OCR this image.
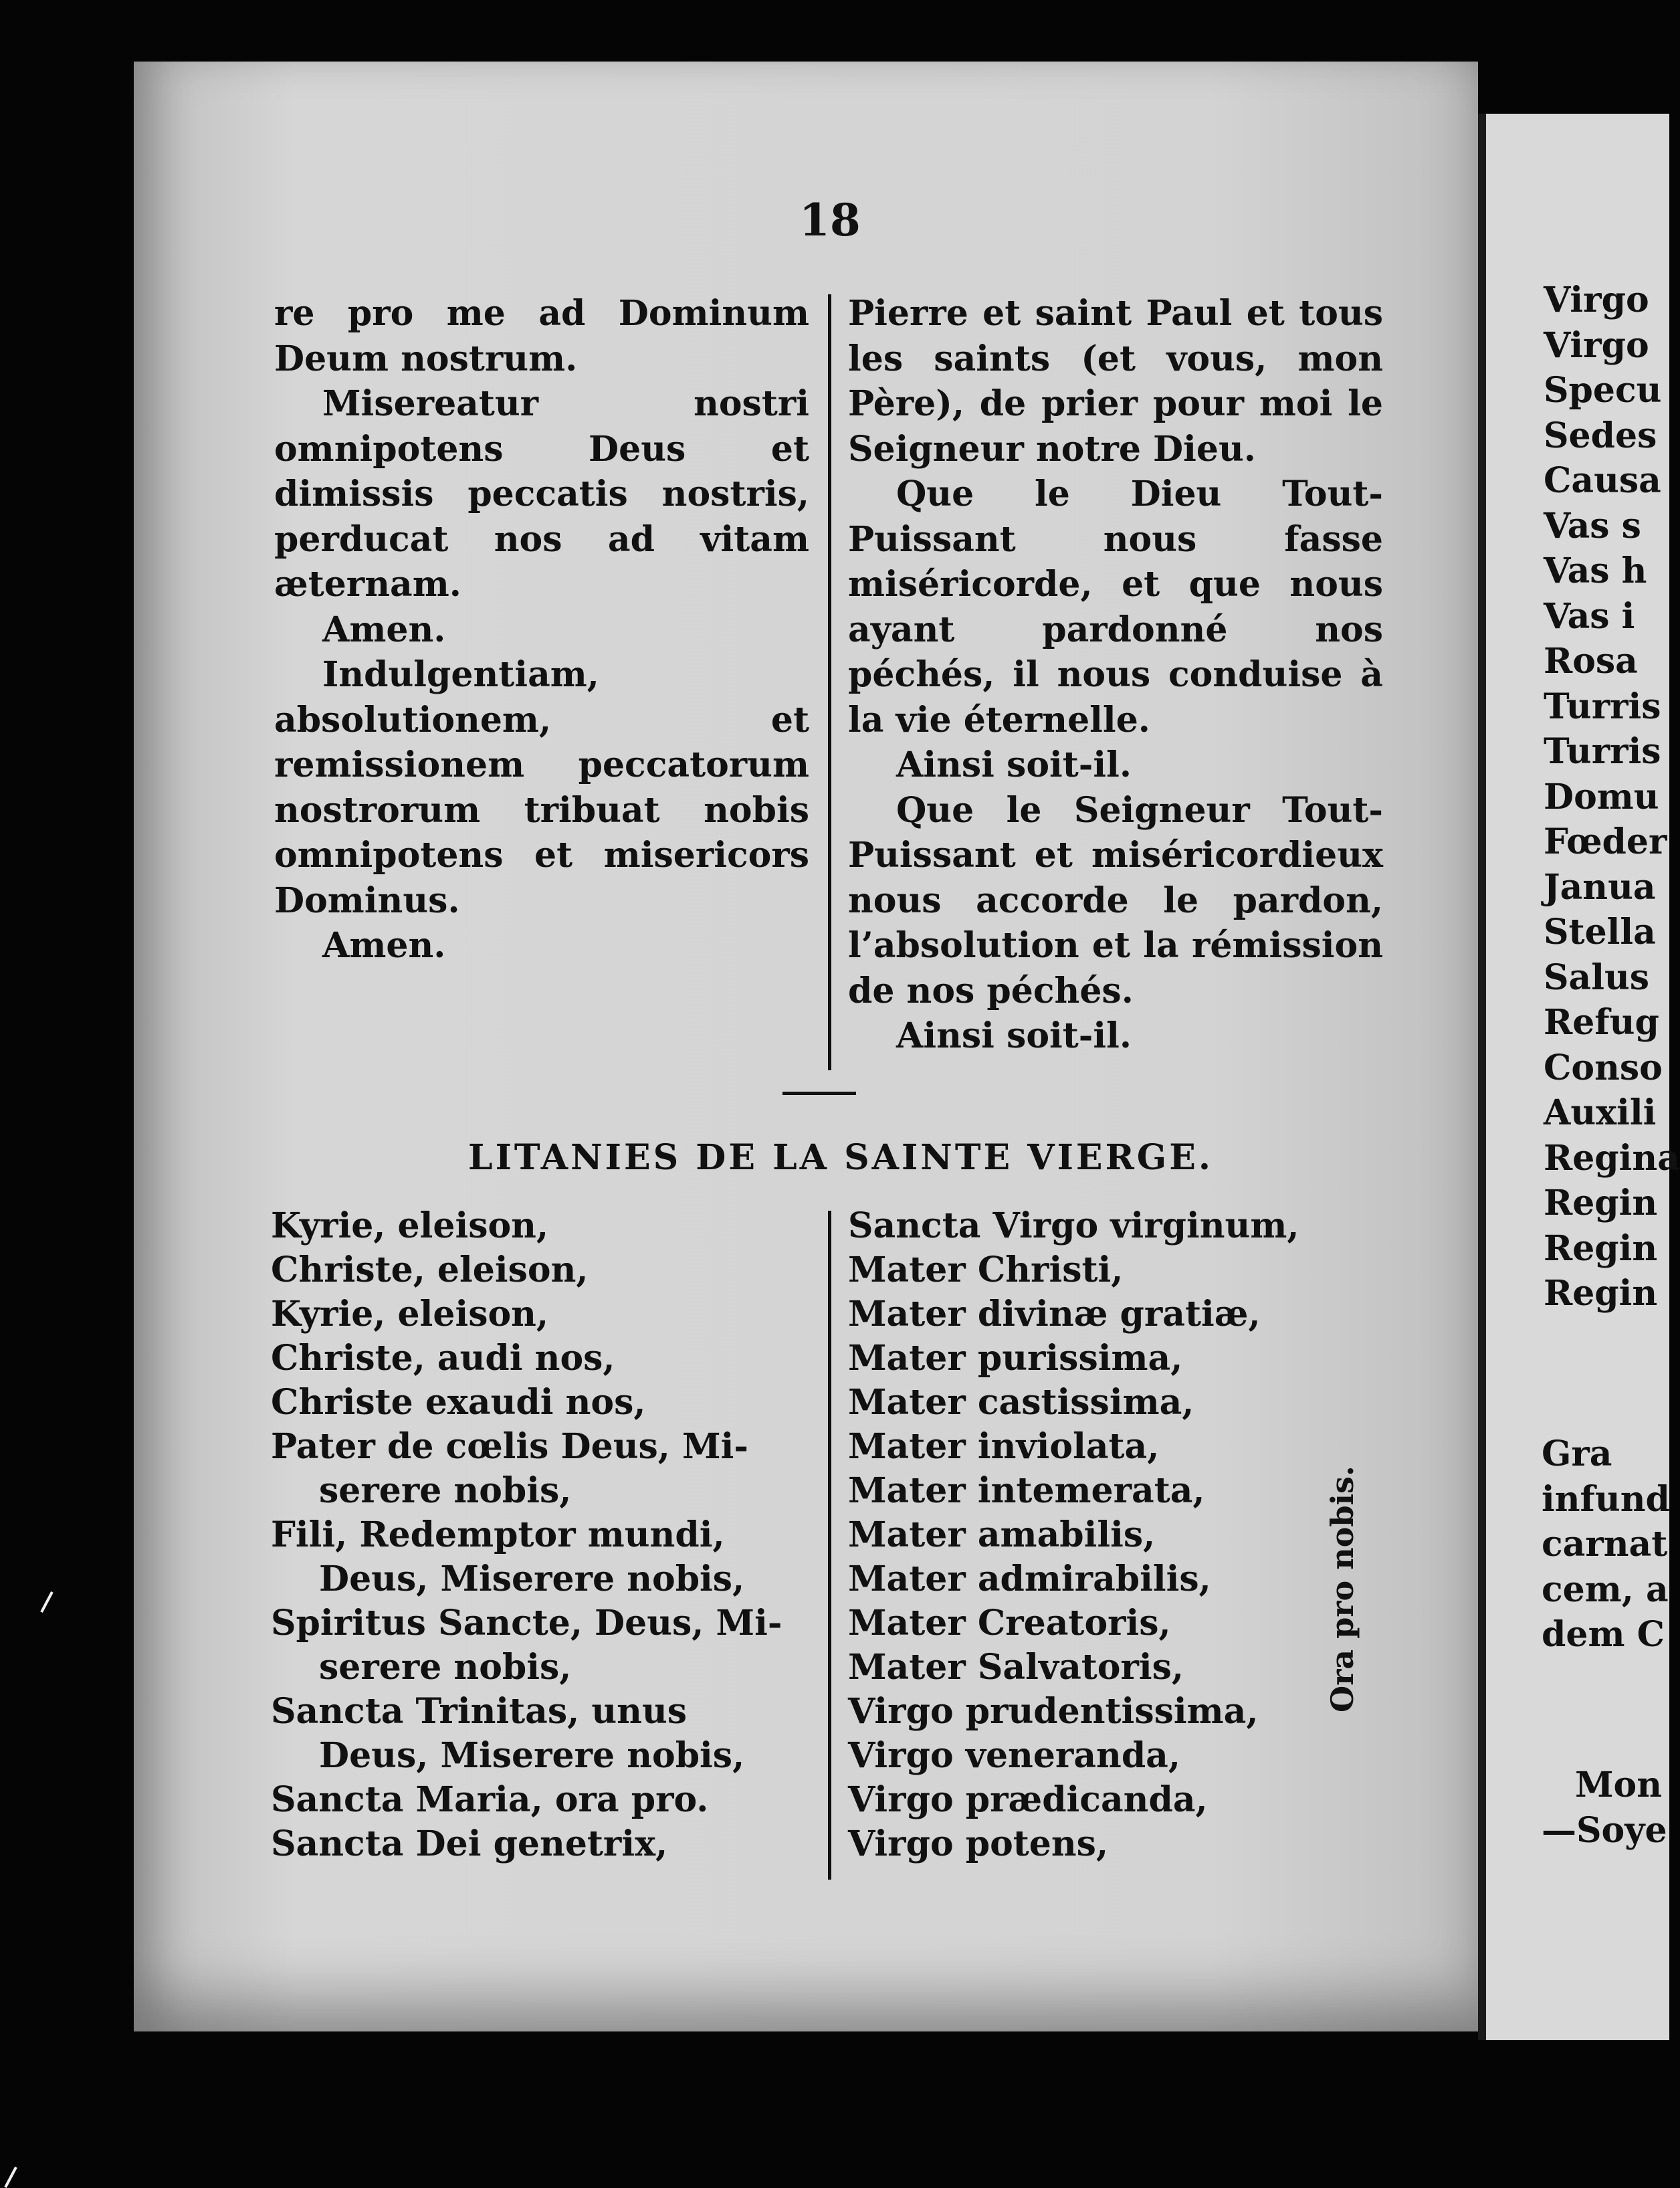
18

re pro me ad Dominum Deum nostrum.

Misereatur nostri omnipotens Deus et dimissis peccatis nostris, perducat nos ad vitam æternam.

Amen.

Indulgentiam, absolutionem, et remissionem peccatorum nostrorum tribuat nobis omnipotens et misericors Dominus.

Amen.

Pierre et saint Paul et tous les saints (et vous, mon Père), de prier pour moi le Seigneur notre Dieu.

Que le Dieu Tout-Puissant nous fasse miséricorde, et que nous ayant pardonné nos péchés, il nous conduise à la vie éternelle.

Ainsi soit-il.

Que le Seigneur Tout-Puissant et miséricordieux nous accorde le pardon, l’absolution et la rémission de nos péchés.

Ainsi soit-il.

LITANIES DE LA SAINTE VIERGE.

Kyrie, eleison,

Christe, eleison,

Kyrie, eleison,

Christe, audi nos,

Christe exaudi nos,

Pater de cœlis Deus, Mi-

serere nobis,

Fili, Redemptor mundi,

Deus, Miserere nobis,

Spiritus Sancte, Deus, Mi-

serere nobis,

Sancta Trinitas, unus

Deus, Miserere nobis,

Sancta Maria, ora pro.

Sancta Dei genetrix,

Sancta Virgo virginum,

Mater Christi,

Mater divinæ gratiæ,

Mater purissima,

Mater castissima,

Mater inviolata,

Mater intemerata,

Mater amabilis,

Mater admirabilis,

Mater Creatoris,

Mater Salvatoris,

Virgo prudentissima,

Virgo veneranda,

Virgo prædicanda,

Virgo potens,

Ora pro nobis.

Virgo

Virgo

Specu

Sedes

Causa

Vas s

Vas h

Vas i

Rosa

Turris

Turris

Domu

Fœder

Janua

Stella

Salus

Refug

Conso

Auxili

Regina

Regin

Regin

Regin

Gra

infund

carnat

cem, a

dem C

Mon

—Soye
